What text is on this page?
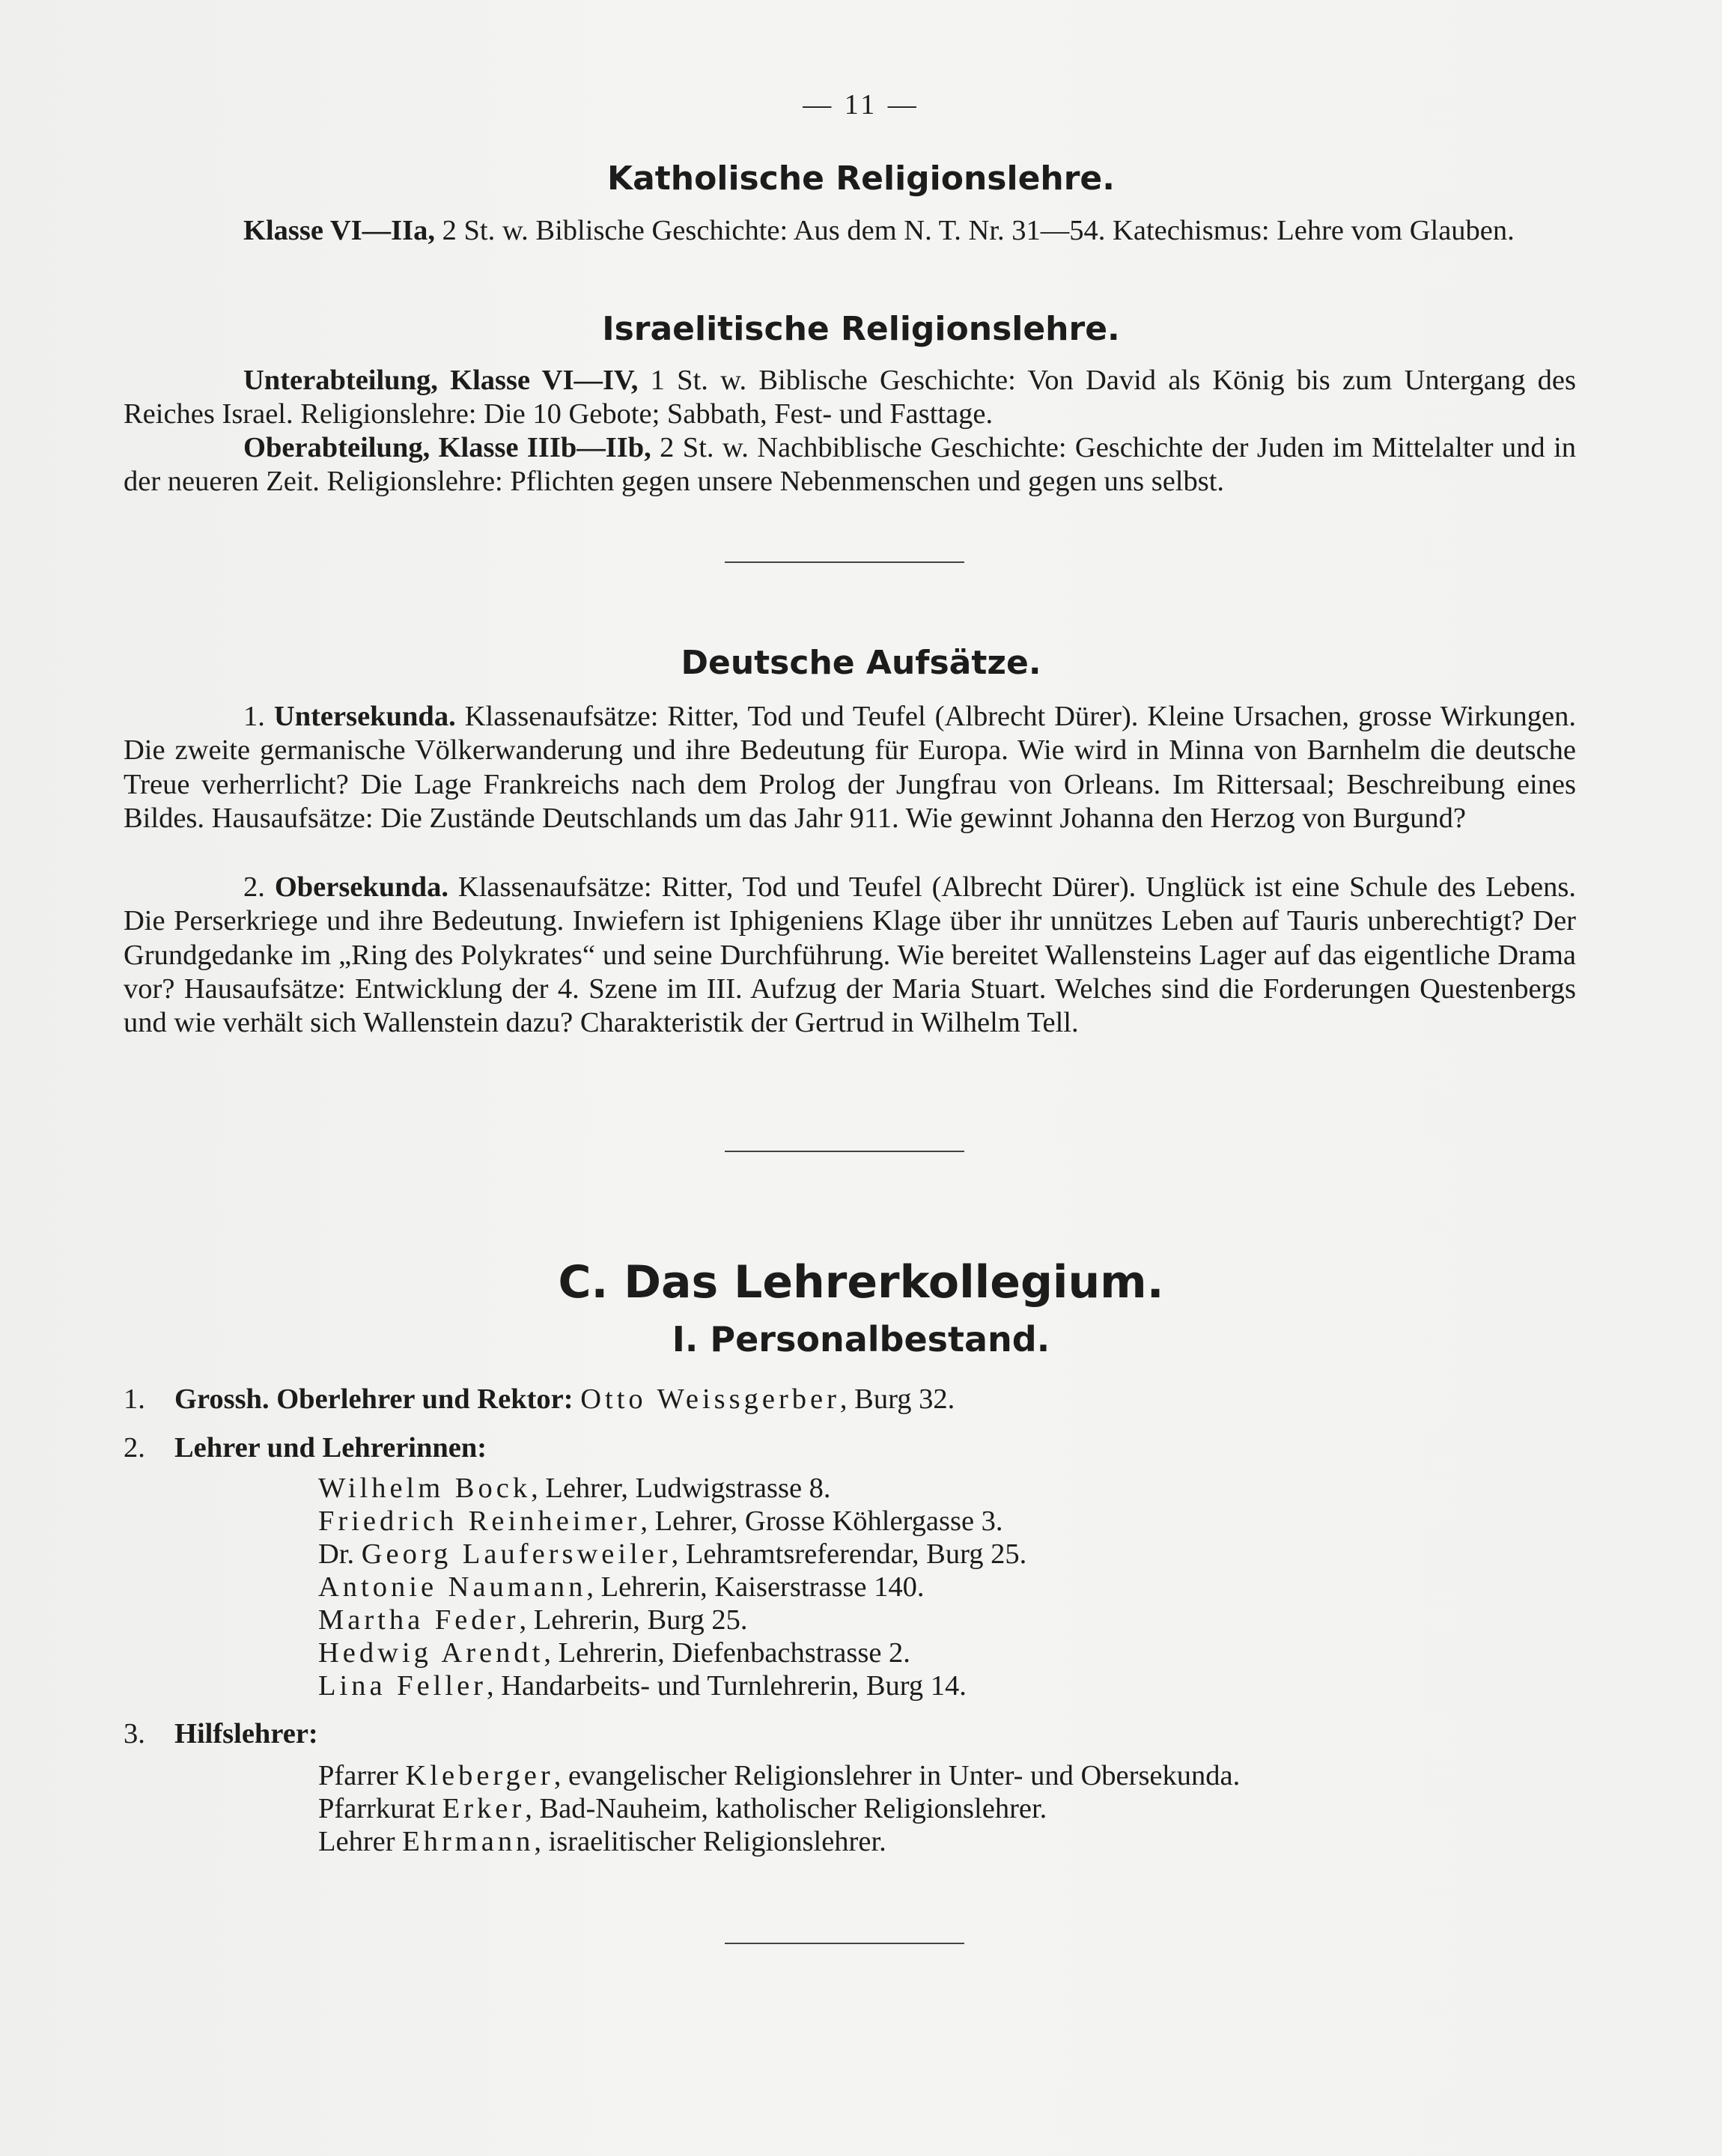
— 11 —
Katholische Religionslehre.

Klasse VI—IIa, 2 St. w. Biblische Geschichte: Aus dem N. T. Nr. 31—54. Katechismus: Lehre vom Glauben.

Israelitische Religionslehre.

Unterabteilung, Klasse VI—IV, 1 St. w. Biblische Geschichte: Von David als König bis zum Untergang des Reiches Israel. Religionslehre: Die 10 Gebote; Sabbath, Fest- und Fasttage.

Oberabteilung, Klasse IIIb—IIb, 2 St. w. Nachbiblische Geschichte: Geschichte der Juden im Mittelalter und in der neueren Zeit. Religionslehre: Pflichten gegen unsere Nebenmenschen und gegen uns selbst.

Deutsche Aufsätze.

1. Untersekunda. Klassenaufsätze: Ritter, Tod und Teufel (Albrecht Dürer). Kleine Ursachen, grosse Wirkungen. Die zweite germanische Völkerwanderung und ihre Bedeutung für Europa. Wie wird in Minna von Barnhelm die deutsche Treue verherrlicht? Die Lage Frankreichs nach dem Prolog der Jungfrau von Orleans. Im Rittersaal; Beschreibung eines Bildes. Hausaufsätze: Die Zustände Deutschlands um das Jahr 911. Wie gewinnt Johanna den Herzog von Burgund?

2. Obersekunda. Klassenaufsätze: Ritter, Tod und Teufel (Albrecht Dürer). Unglück ist eine Schule des Lebens. Die Perserkriege und ihre Bedeutung. Inwiefern ist Iphigeniens Klage über ihr unnützes Leben auf Tauris unberechtigt? Der Grundgedanke im „Ring des Polykrates“ und seine Durchführung. Wie bereitet Wallensteins Lager auf das eigentliche Drama vor? Hausaufsätze: Entwicklung der 4. Szene im III. Aufzug der Maria Stuart. Welches sind die Forderungen Questenbergs und wie verhält sich Wallenstein dazu? Charakteristik der Gertrud in Wilhelm Tell.

C. Das Lehrerkollegium.
I. Personalbestand.
1. Grossh. Oberlehrer und Rektor: Otto Weissgerber, Burg 32.
2. Lehrer und Lehrerinnen:
Wilhelm Bock, Lehrer, Ludwigstrasse 8.
Friedrich Reinheimer, Lehrer, Grosse Köhlergasse 3.
Dr. Georg Laufersweiler, Lehramtsreferendar, Burg 25.
Antonie Naumann, Lehrerin, Kaiserstrasse 140.
Martha Feder, Lehrerin, Burg 25.
Hedwig Arendt, Lehrerin, Diefenbachstrasse 2.
Lina Feller, Handarbeits- und Turnlehrerin, Burg 14.
3. Hilfslehrer:
Pfarrer Kleberger, evangelischer Religionslehrer in Unter- und Obersekunda.
Pfarrkurat Erker, Bad-Nauheim, katholischer Religionslehrer.
Lehrer Ehrmann, israelitischer Religionslehrer.
